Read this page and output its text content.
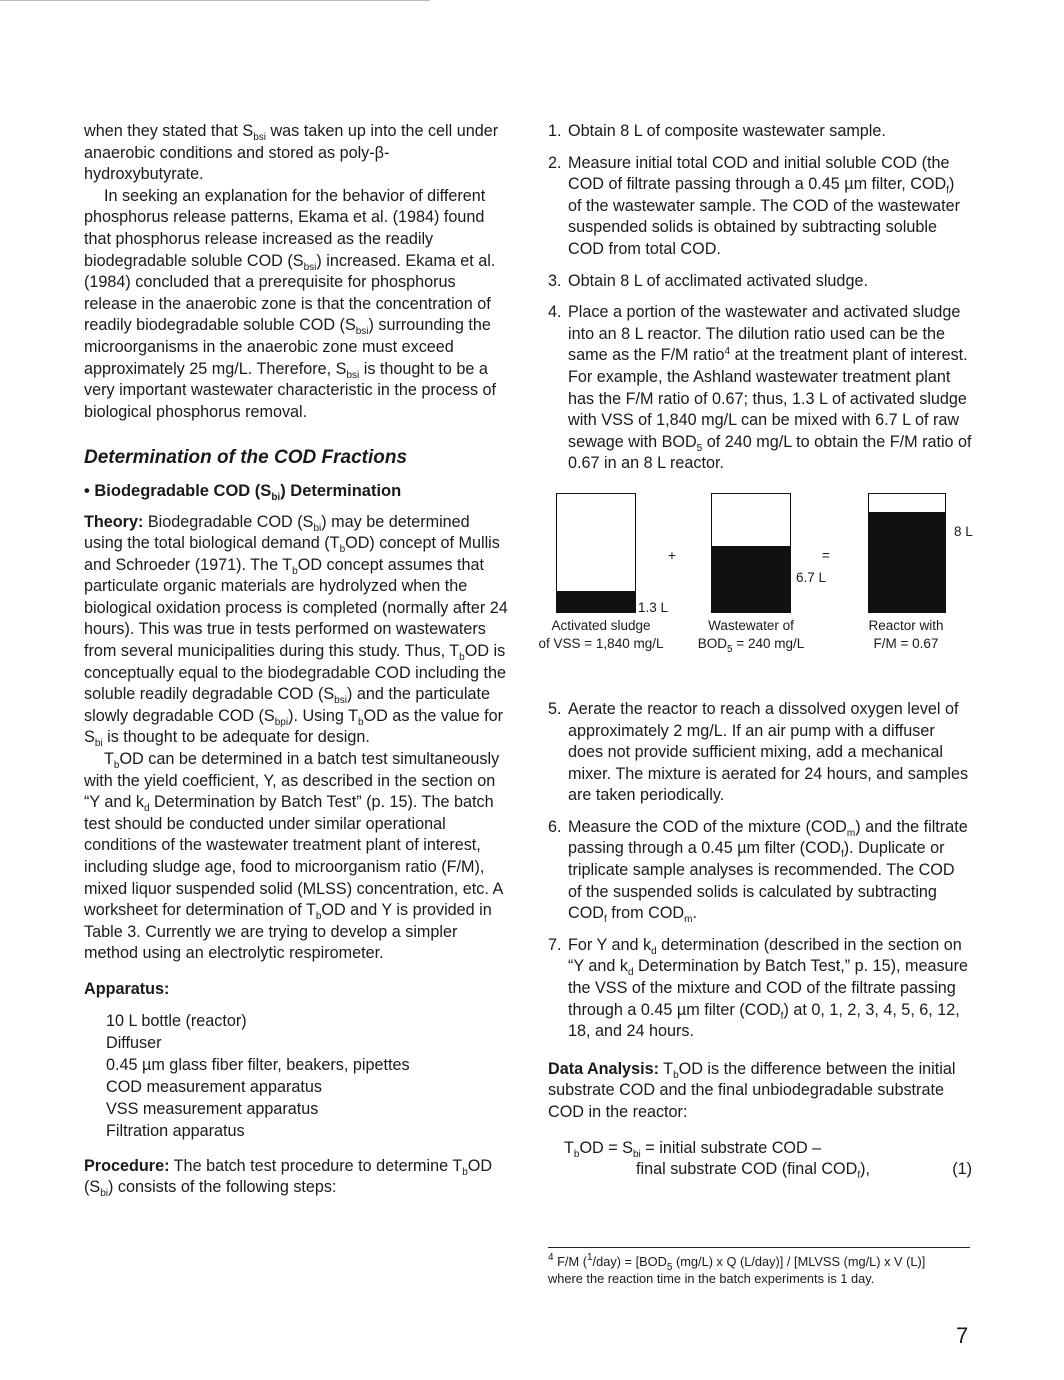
when they stated that $S_{bsi}$ was taken up into the cell under anaerobic conditions and stored as poly-β-hydroxybutyrate.

In seeking an explanation for the behavior of different phosphorus release patterns, Ekama et al. (1984) found that phosphorus release increased as the readily biodegradable soluble COD $(S_{bsi})$ increased. Ekama et al. (1984) concluded that a prerequisite for phosphorus release in the anaerobic zone is that the concentration of readily biodegradable soluble COD $(S_{bsi})$ surrounding the microorganisms in the anaerobic zone must exceed approximately 25 mg/L. Therefore, $S_{bsi}$ is thought to be a very important wastewater characteristic in the process of biological phosphorus removal.

Determination of the COD Fractions
• Biodegradable COD $(S_{bi})$ Determination

Theory: Biodegradable COD $(S_{bi})$ may be determined using the total biological demand $(T_bOD)$ concept of Mullis and Schroeder (1971). The $T_bOD$ concept assumes that particulate organic materials are hydrolyzed when the biological oxidation process is completed (normally after 24 hours). This was true in tests performed on wastewaters from several municipalities during this study. Thus, $T_bOD$ is conceptually equal to the biodegradable COD including the soluble readily degradable COD $(S_{bsi})$ and the particulate slowly degradable COD $(S_{bpi})$. Using $T_bOD$ as the value for $S_{bi}$ is thought to be adequate for design.

$T_bOD$ can be determined in a batch test simultaneously with the yield coefficient, Y, as described in the section on “Y and $k_d$ Determination by Batch Test” (p. 15). The batch test should be conducted under similar operational conditions of the wastewater treatment plant of interest, including sludge age, food to microorganism ratio (F/M), mixed liquor suspended solid (MLSS) concentration, etc. A worksheet for determination of $T_bOD$ and Y is provided in Table 3. Currently we are trying to develop a simpler method using an electrolytic respirometer.

Apparatus:

10 L bottle (reactor)
Diffuser
0.45 µm glass fiber filter, beakers, pipettes
COD measurement apparatus
VSS measurement apparatus
Filtration apparatus

Procedure: The batch test procedure to determine $T_bOD$ $(S_{bi})$ consists of the following steps:

1. Obtain 8 L of composite wastewater sample.
2. Measure initial total COD and initial soluble COD (the COD of filtrate passing through a 0.45 µm filter, $COD_f$) of the wastewater sample. The COD of the wastewater suspended solids is obtained by subtracting soluble COD from total COD.
3. Obtain 8 L of acclimated activated sludge.
4. Place a portion of the wastewater and activated sludge into an 8 L reactor. The dilution ratio used can be the same as the F/M ratio$^4$ at the treatment plant of interest. For example, the Ashland wastewater treatment plant has the F/M ratio of 0.67; thus, 1.3 L of activated sludge with VSS of 1,840 mg/L can be mixed with 6.7 L of raw sewage with $BOD_5$ of 240 mg/L to obtain the F/M ratio of 0.67 in an 8 L reactor.
1.3 L
+
6.7 L
=
8 L
Activated sludge
of VSS = 1,840 mg/L
Wastewater of
$BOD_5 = 240$ mg/L
Reactor with
F/M = 0.67
5. Aerate the reactor to reach a dissolved oxygen level of approximately 2 mg/L. If an air pump with a diffuser does not provide sufficient mixing, add a mechanical mixer. The mixture is aerated for 24 hours, and samples are taken periodically.
6. Measure the COD of the mixture $(COD_m)$ and the filtrate passing through a 0.45 µm filter $(COD_f)$. Duplicate or triplicate sample analyses is recommended. The COD of the suspended solids is calculated by subtracting $COD_f$ from $COD_m$.
7. For Y and $k_d$ determination (described in the section on “Y and $k_d$ Determination by Batch Test,” p. 15), measure the VSS of the mixture and COD of the filtrate passing through a 0.45 µm filter $(COD_f)$ at 0, 1, 2, 3, 4, 5, 6, 12, 18, and 24 hours.

Data Analysis: $T_bOD$ is the difference between the initial substrate COD and the final unbiodegradable substrate COD in the reactor:

$T_bOD = S_{bi}$ = initial substrate COD –
final substrate COD (final $COD_f$),	(1)
$^4$ F/M $(^1/day) = [BOD_5$ (mg/L) x Q (L/day)] / [MLVSS (mg/L) x V (L)]
where the reaction time in the batch experiments is 1 day.
7
